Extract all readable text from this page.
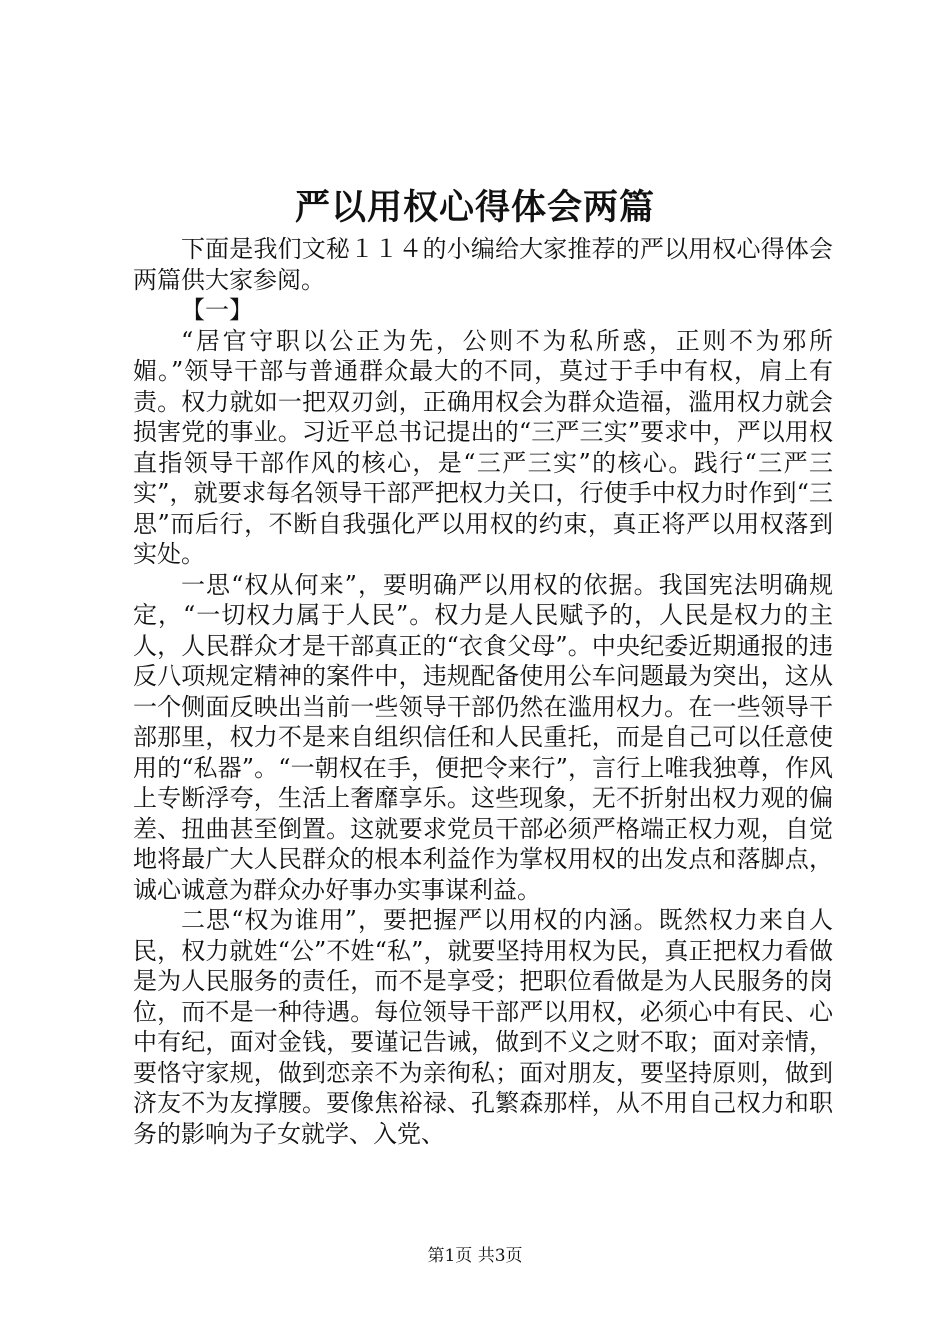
严以用权心得体会两篇

下面是我们文秘１１４的小编给大家推荐的严以用权心得体会两篇供大家参阅。

【一】

“居官守职以公正为先，公则不为私所惑，正则不为邪所媚。”领导干部与普通群众最大的不同，莫过于手中有权，肩上有责。权力就如一把双刃剑，正确用权会为群众造福，滥用权力就会损害党的事业。习近平总书记提出的“三严三实”要求中，严以用权直指领导干部作风的核心，是“三严三实”的核心。践行“三严三实”，就要求每名领导干部严把权力关口，行使手中权力时作到“三思”而后行，不断自我强化严以用权的约束，真正将严以用权落到实处。

一思“权从何来”，要明确严以用权的依据。我国宪法明确规定，“一切权力属于人民”。权力是人民赋予的，人民是权力的主人，人民群众才是干部真正的“衣食父母”。中央纪委近期通报的违反八项规定精神的案件中，违规配备使用公车问题最为突出，这从一个侧面反映出当前一些领导干部仍然在滥用权力。在一些领导干部那里，权力不是来自组织信任和人民重托，而是自己可以任意使用的“私器”。“一朝权在手，便把令来行”，言行上唯我独尊，作风上专断浮夸，生活上奢靡享乐。这些现象，无不折射出权力观的偏差、扭曲甚至倒置。这就要求党员干部必须严格端正权力观，自觉地将最广大人民群众的根本利益作为掌权用权的出发点和落脚点，诚心诚意为群众办好事办实事谋利益。

二思“权为谁用”，要把握严以用权的内涵。既然权力来自人民，权力就姓“公”不姓“私”，就要坚持用权为民，真正把权力看做是为人民服务的责任，而不是享受；把职位看做是为人民服务的岗位，而不是一种待遇。每位领导干部严以用权，必须心中有民、心中有纪，面对金钱，要谨记告诫，做到不义之财不取；面对亲情，要恪守家规，做到恋亲不为亲徇私；面对朋友，要坚持原则，做到济友不为友撑腰。要像焦裕禄、孔繁森那样，从不用自己权力和职务的影响为子女就学、入党、

第1页 共3页
